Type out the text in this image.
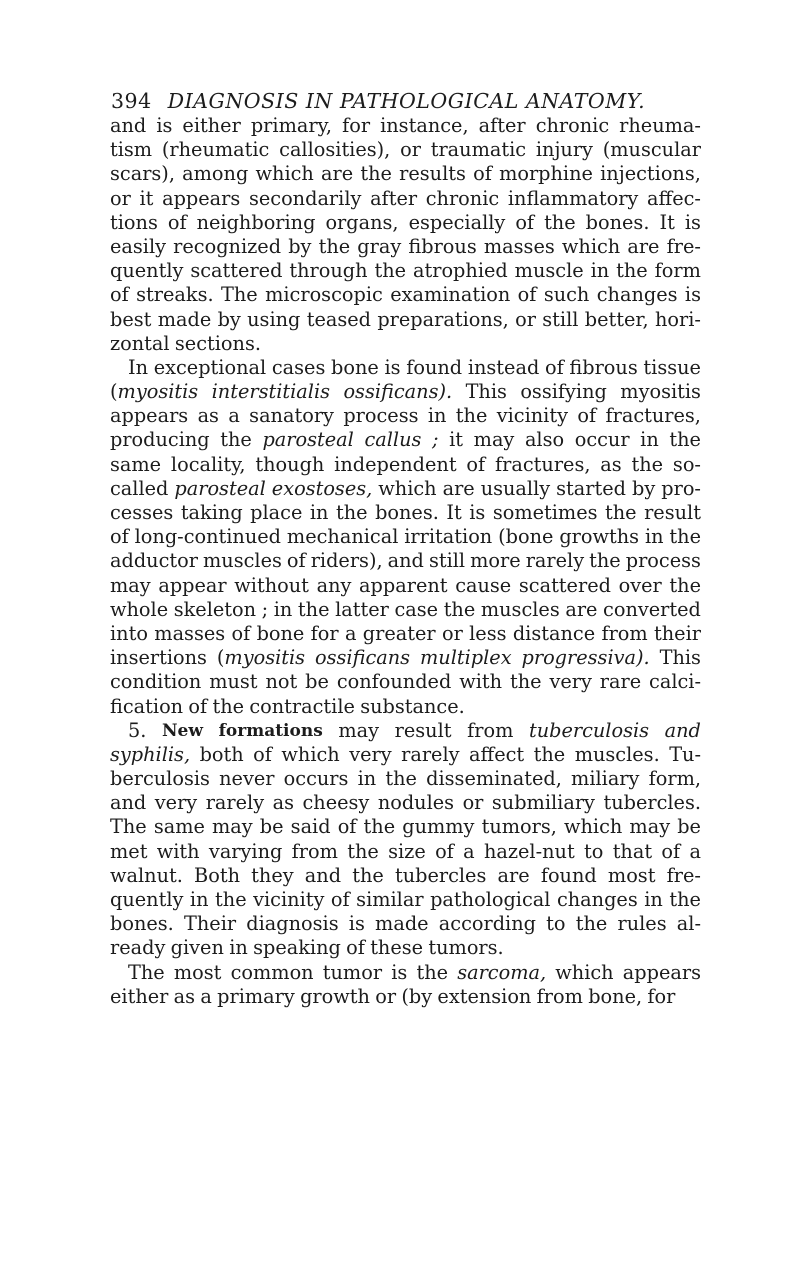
394 DIAGNOSIS IN PATHOLOGICAL ANATOMY.
and is either primary, for instance, after chronic rheuma-
tism (rheumatic callosities), or traumatic injury (muscular
scars), among which are the results of morphine injections,
or it appears secondarily after chronic inflammatory affec-
tions of neighboring organs, especially of the bones. It is
easily recognized by the gray fibrous masses which are fre-
quently scattered through the atrophied muscle in the form
of streaks. The microscopic examination of such changes is
best made by using teased preparations, or still better, hori-
zontal sections.
In exceptional cases bone is found instead of fibrous tissue
(myositis interstitialis ossificans). This ossifying myositis
appears as a sanatory process in the vicinity of fractures,
producing the parosteal callus ; it may also occur in the
same locality, though independent of fractures, as the so-
called parosteal exostoses, which are usually started by pro-
cesses taking place in the bones. It is sometimes the result
of long-continued mechanical irritation (bone growths in the
adductor muscles of riders), and still more rarely the process
may appear without any apparent cause scattered over the
whole skeleton ; in the latter case the muscles are converted
into masses of bone for a greater or less distance from their
insertions (myositis ossificans multiplex progressiva). This
condition must not be confounded with the very rare calci-
fication of the contractile substance.
5. New formations may result from tuberculosis and
syphilis, both of which very rarely affect the muscles. Tu-
berculosis never occurs in the disseminated, miliary form,
and very rarely as cheesy nodules or submiliary tubercles.
The same may be said of the gummy tumors, which may be
met with varying from the size of a hazel-nut to that of a
walnut. Both they and the tubercles are found most fre-
quently in the vicinity of similar pathological changes in the
bones. Their diagnosis is made according to the rules al-
ready given in speaking of these tumors.
The most common tumor is the sarcoma, which appears
either as a primary growth or (by extension from bone, for
